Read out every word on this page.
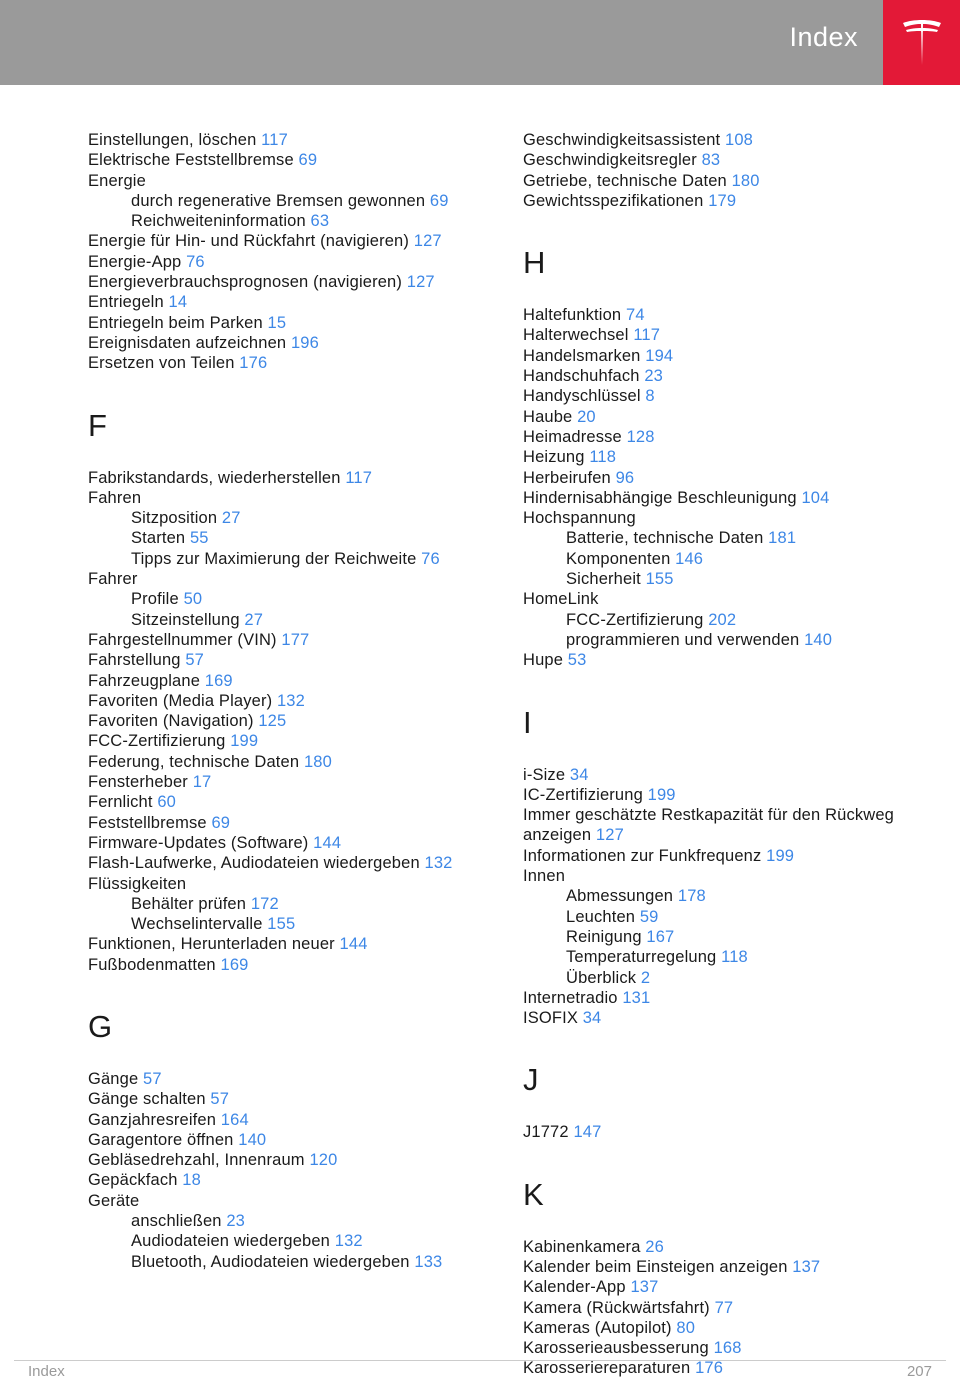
Index
Einstellungen, löschen 117
Elektrische Feststellbremse 69
Energie
durch regenerative Bremsen gewonnen 69
Reichweiteninformation 63
Energie für Hin- und Rückfahrt (navigieren) 127
Energie-App 76
Energieverbrauchsprognosen (navigieren) 127
Entriegeln 14
Entriegeln beim Parken 15
Ereignisdaten aufzeichnen 196
Ersetzen von Teilen 176
F
Fabrikstandards, wiederherstellen 117
Fahren
Sitzposition 27
Starten 55
Tipps zur Maximierung der Reichweite 76
Fahrer
Profile 50
Sitzeinstellung 27
Fahrgestellnummer (VIN) 177
Fahrstellung 57
Fahrzeugplane 169
Favoriten (Media Player) 132
Favoriten (Navigation) 125
FCC-Zertifizierung 199
Federung, technische Daten 180
Fensterheber 17
Fernlicht 60
Feststellbremse 69
Firmware-Updates (Software) 144
Flash-Laufwerke, Audiodateien wiedergeben 132
Flüssigkeiten
Behälter prüfen 172
Wechselintervalle 155
Funktionen, Herunterladen neuer 144
Fußbodenmatten 169
G
Gänge 57
Gänge schalten 57
Ganzjahresreifen 164
Garagentore öffnen 140
Gebläsedrehzahl, Innenraum 120
Gepäckfach 18
Geräte
anschließen 23
Audiodateien wiedergeben 132
Bluetooth, Audiodateien wiedergeben 133
Geschwindigkeitsassistent 108
Geschwindigkeitsregler 83
Getriebe, technische Daten 180
Gewichtsspezifikationen 179
H
Haltefunktion 74
Halterwechsel 117
Handelsmarken 194
Handschuhfach 23
Handyschlüssel 8
Haube 20
Heimadresse 128
Heizung 118
Herbeirufen 96
Hindernisabhängige Beschleunigung 104
Hochspannung
Batterie, technische Daten 181
Komponenten 146
Sicherheit 155
HomeLink
FCC-Zertifizierung 202
programmieren und verwenden 140
Hupe 53
I
i-Size 34
IC-Zertifizierung 199
Immer geschätzte Restkapazität für den Rückweg anzeigen 127
Informationen zur Funkfrequenz 199
Innen
Abmessungen 178
Leuchten 59
Reinigung 167
Temperaturregelung 118
Überblick 2
Internetradio 131
ISOFIX 34
J
J1772 147
K
Kabinenkamera 26
Kalender beim Einsteigen anzeigen 137
Kalender-App 137
Kamera (Rückwärtsfahrt) 77
Kameras (Autopilot) 80
Karosserieausbesserung 168
Karosseriereparaturen 176
Index	207
